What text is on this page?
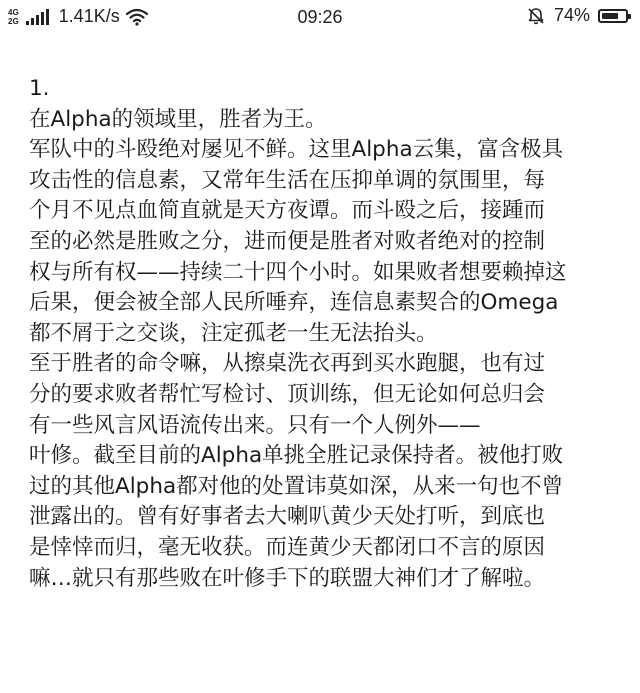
4G
2G 1.41K/s	09:26	74%
1.
在Alpha的领域里，胜者为王。
军队中的斗殴绝对屡见不鲜。这里Alpha云集，富含极具
攻击性的信息素，又常年生活在压抑单调的氛围里，每
个月不见点血简直就是天方夜谭。而斗殴之后，接踵而
至的必然是胜败之分，进而便是胜者对败者绝对的控制
权与所有权——持续二十四个小时。如果败者想要赖掉这
后果，便会被全部人民所唾弃，连信息素契合的Omega
都不屑于之交谈，注定孤老一生无法抬头。
至于胜者的命令嘛，从擦桌洗衣再到买水跑腿，也有过
分的要求败者帮忙写检讨、顶训练，但无论如何总归会
有一些风言风语流传出来。只有一个人例外——
叶修。截至目前的Alpha单挑全胜记录保持者。被他打败
过的其他Alpha都对他的处置讳莫如深，从来一句也不曾
泄露出的。曾有好事者去大喇叭黄少天处打听，到底也
是悻悻而归，毫无收获。而连黄少天都闭口不言的原因
嘛…就只有那些败在叶修手下的联盟大神们才了解啦。
